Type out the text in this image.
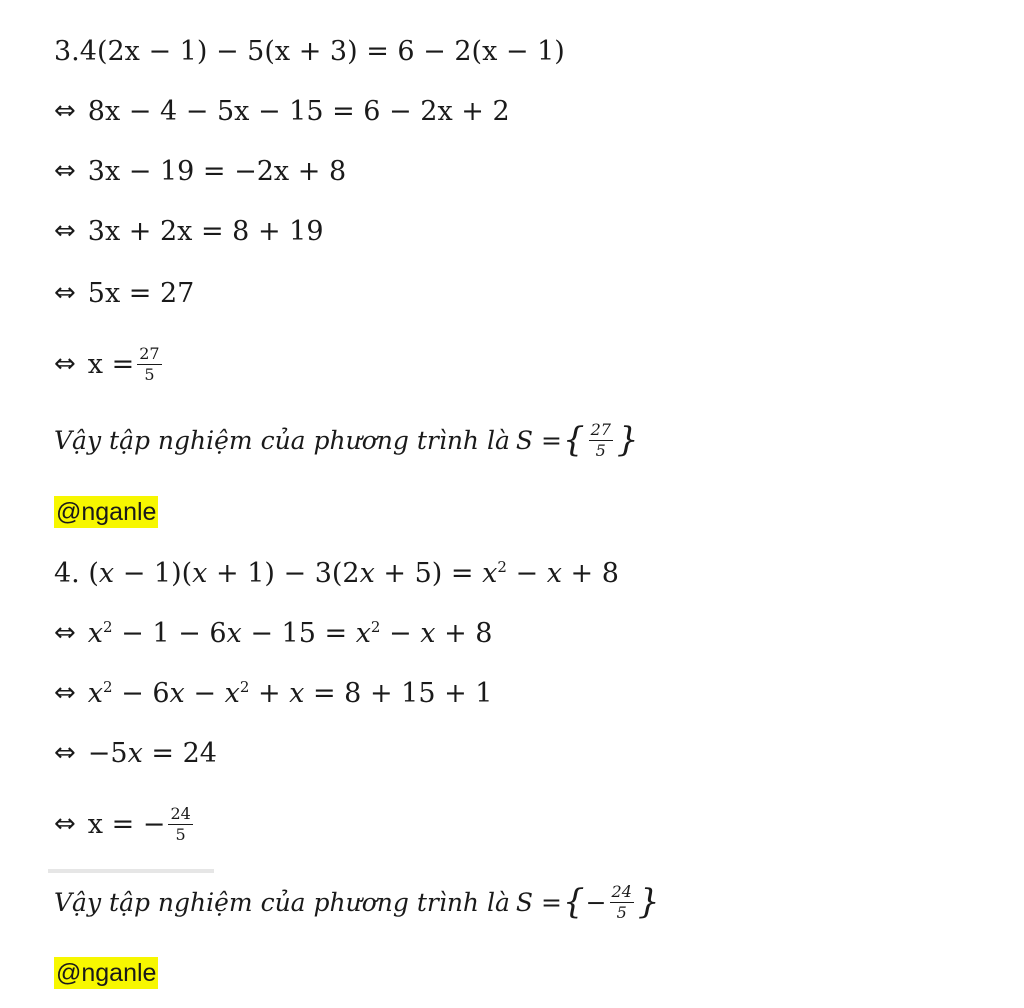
3. 4(2x − 1) − 5(x + 3) = 6 − 2(x − 1)
⇔ 8x − 4 − 5x − 15 = 6 − 2x + 2
⇔ 3x − 19 = −2x + 8
⇔ 3x + 2x = 8 + 19
⇔ 5x = 27
⇔ $x = \frac{27}{5}$
Vậy tập nghiệm của phương trình là S = { $\frac{27}{5}$ }
@nganle
4. $(x - 1)(x + 1) - 3(2x + 5) = x^2 - x + 8$
⇔ $x^2 - 1 - 6x - 15 = x^2 - x + 8$
⇔ $x^2 - 6x - x^2 + x = 8 + 15 + 1$
⇔ −5x = 24
⇔ x = − $\frac{24}{5}$
Vậy tập nghiệm của phương trình là S = { − $\frac{24}{5}$ }
@nganle
